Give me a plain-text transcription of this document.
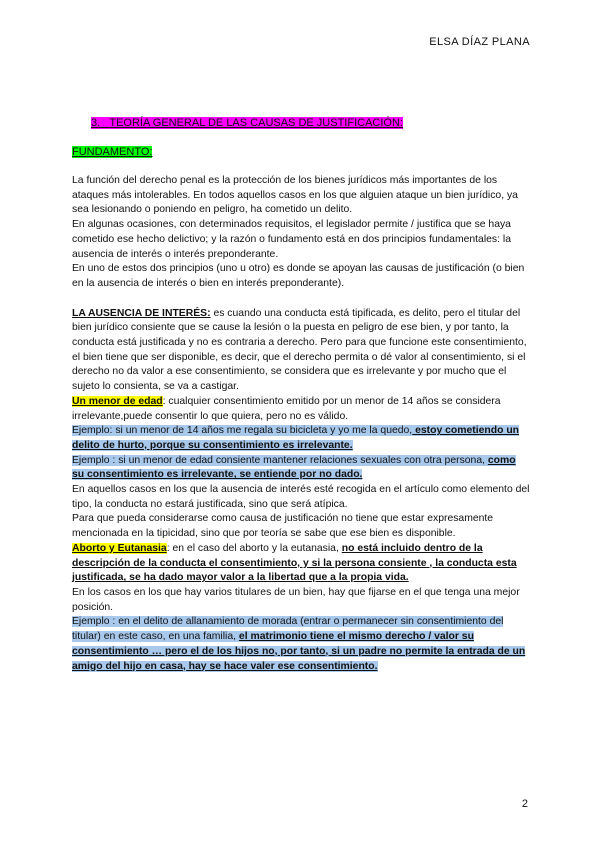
ELSA DÍAZ PLANA
3. TEORÍA GENERAL DE LAS CAUSAS DE JUSTIFICACIÓN:
FUNDAMENTO:

La función del derecho penal es la protección de los bienes jurídicos más importantes de los ataques más intolerables. En todos aquellos casos en los que alguien ataque un bien jurídico, ya sea lesionando o poniendo en peligro, ha cometido un delito.

En algunas ocasiones, con determinados requisitos, el legislador permite / justifica que se haya cometido ese hecho delictivo; y la razón o fundamento está en dos principios fundamentales: la ausencia de interés o interés preponderante.

En uno de estos dos principios (uno u otro) es donde se apoyan las causas de justificación (o bien en la ausencia de interés o bien en interés preponderante).

LA AUSENCIA DE INTERÉS: es cuando una conducta está tipificada, es delito, pero el titular del bien jurídico consiente que se cause la lesión o la puesta en peligro de ese bien, y por tanto, la conducta está justificada y no es contraria a derecho. Pero para que funcione este consentimiento, el bien tiene que ser disponible, es decir, que el derecho permita o dé valor al consentimiento, si el derecho no da valor a ese consentimiento, se considera que es irrelevante y por mucho que el sujeto lo consienta, se va a castigar.

Un menor de edad: cualquier consentimiento emitido por un menor de 14 años se considera irrelevante,puede consentir lo que quiera, pero no es válido.

Ejemplo: si un menor de 14 años me regala su bicicleta y yo me la quedo, estoy cometiendo un delito de hurto, porque su consentimiento es irrelevante.

Ejemplo : si un menor de edad consiente mantener relaciones sexuales con otra persona, como su consentimiento es irrelevante, se entiende por no dado.

En aquellos casos en los que la ausencia de interés esté recogida en el artículo como elemento del tipo, la conducta no estará justificada, sino que será atípica.

Para que pueda considerarse como causa de justificación no tiene que estar expresamente mencionada en la tipicidad, sino que por teoría se sabe que ese bien es disponible.

Aborto y Eutanasia: en el caso del aborto y la eutanasia, no está incluido dentro de la descripción de la conducta el consentimiento, y si la persona consiente , la conducta esta justificada, se ha dado mayor valor a la libertad que a la propia vida.

En los casos en los que hay varios titulares de un bien, hay que fijarse en el que tenga una mejor posición.

Ejemplo : en el delito de allanamiento de morada (entrar o permanecer sin consentimiento del titular) en este caso, en una familia, el matrimonio tiene el mismo derecho / valor su consentimiento … pero el de los hijos no, por tanto, si un padre no permite la entrada de un amigo del hijo en casa, hay se hace valer ese consentimiento.

2
